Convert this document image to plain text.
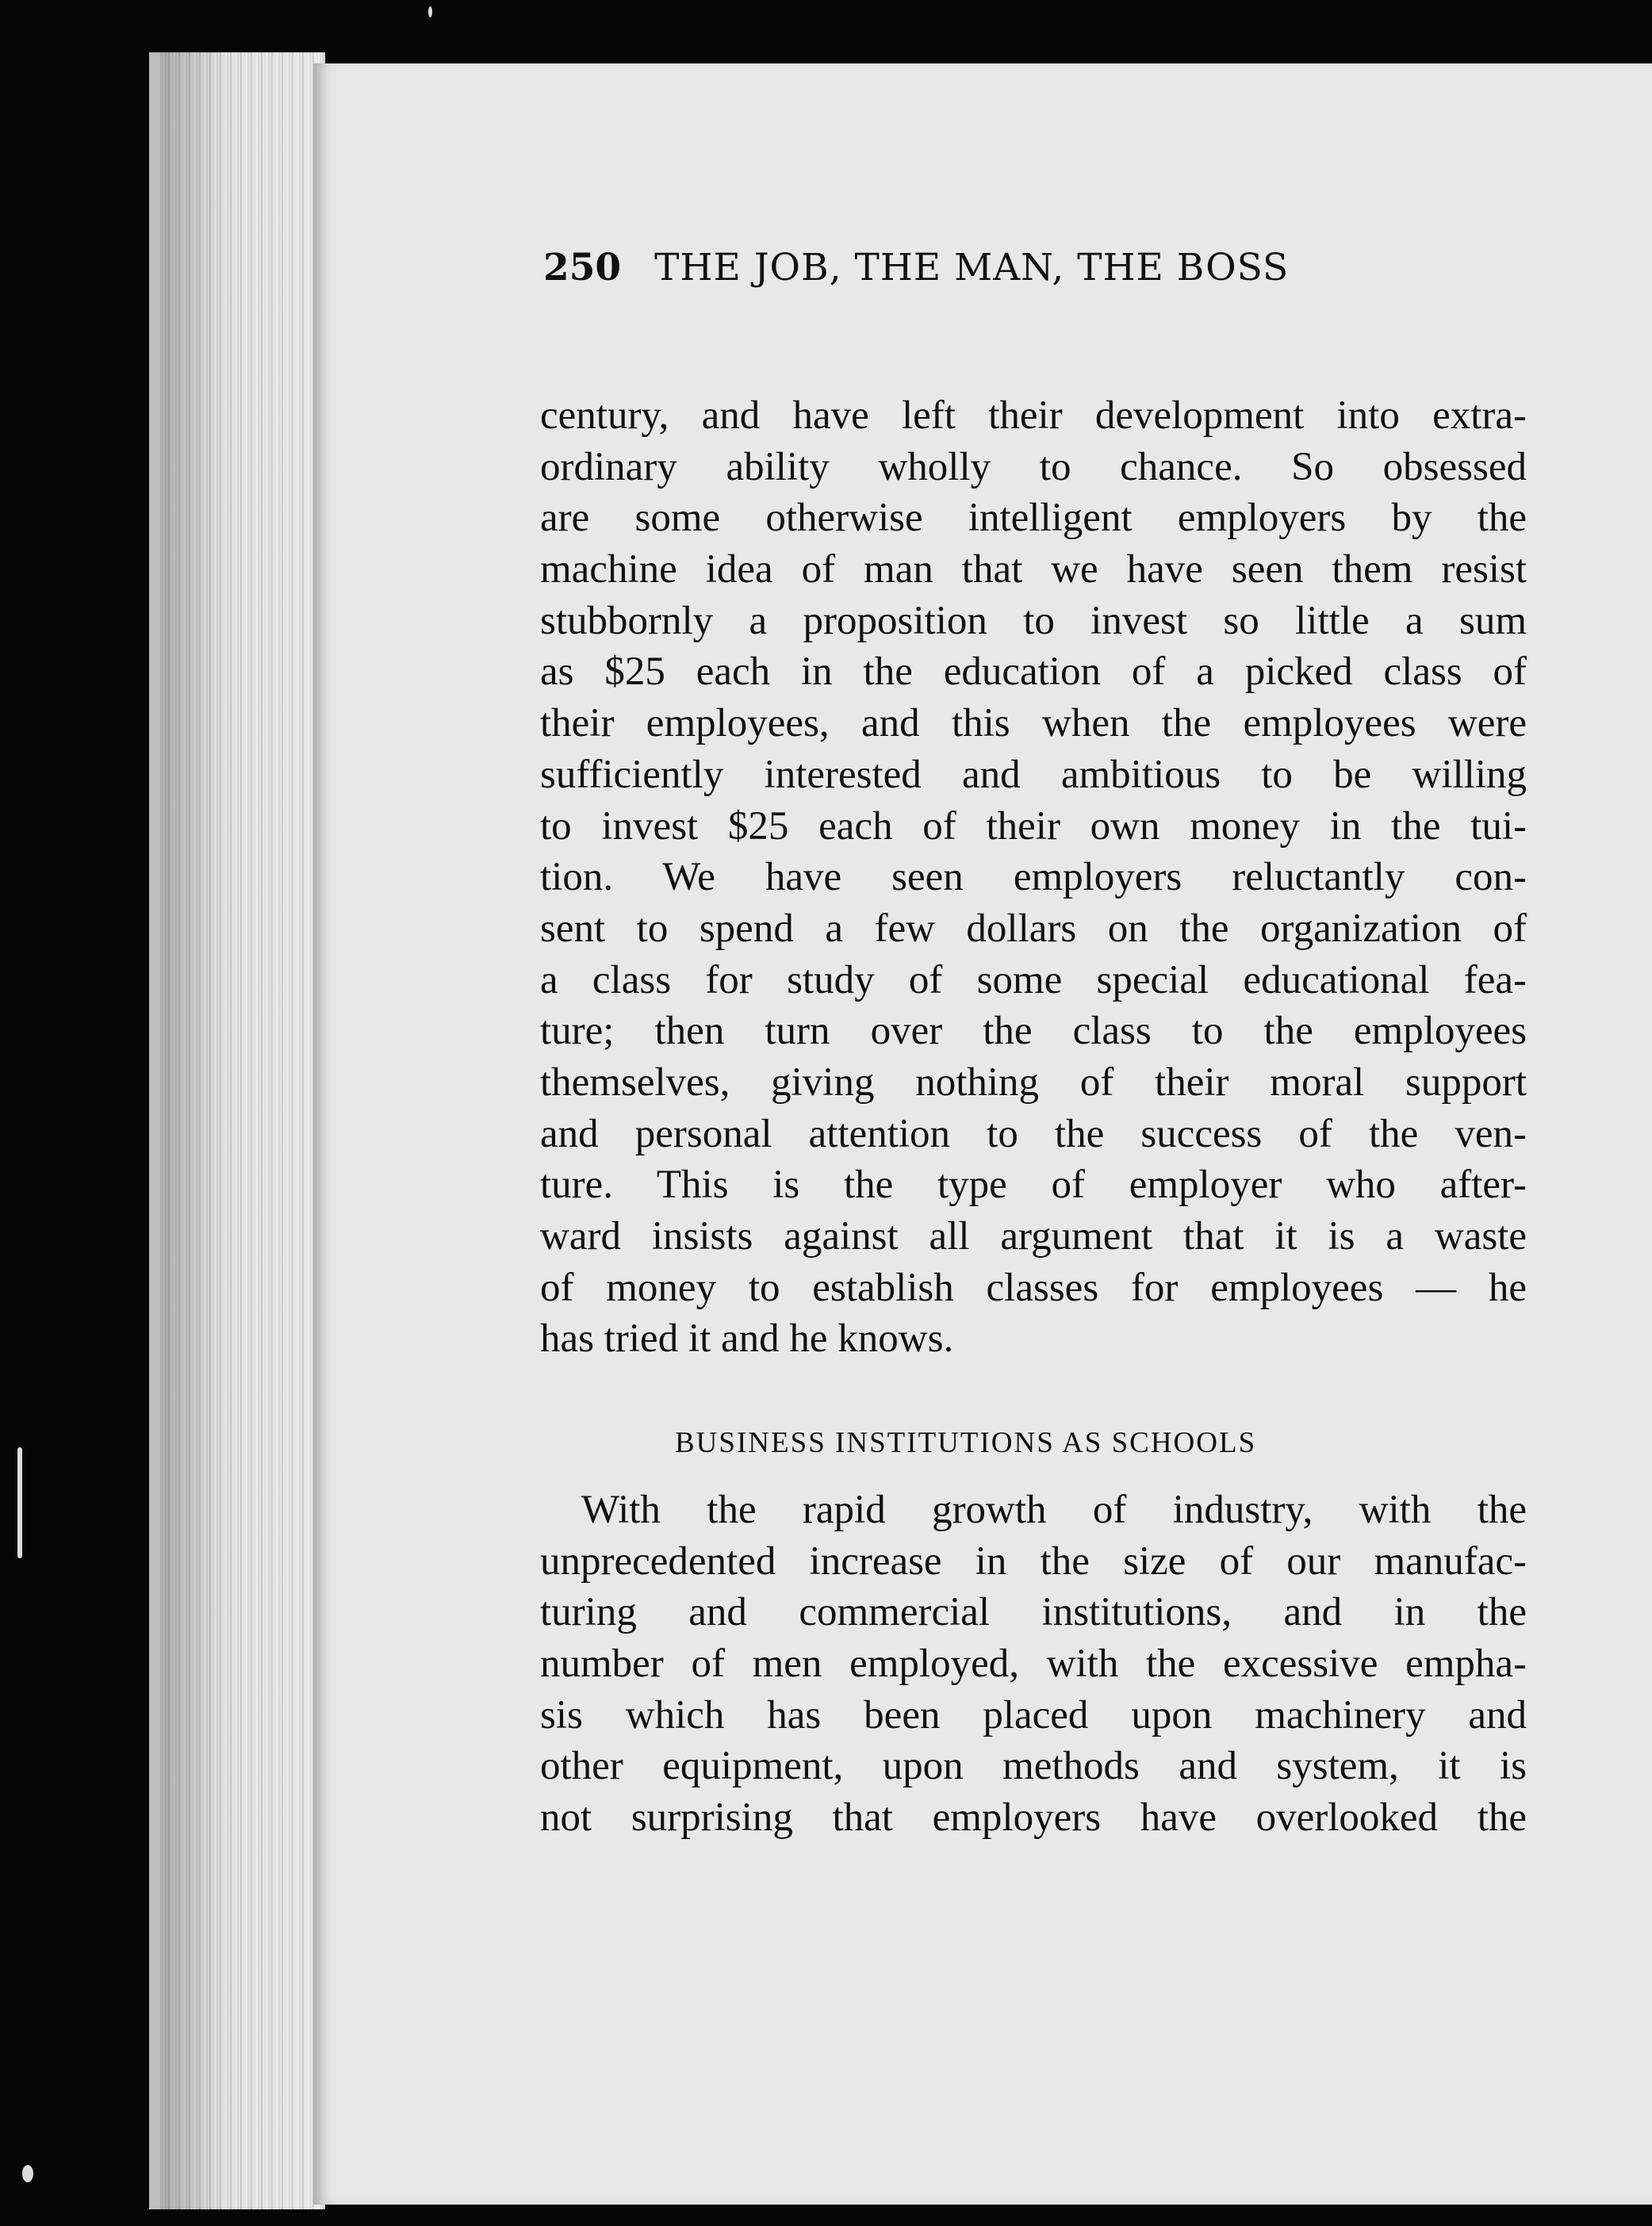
250 THE JOB, THE MAN, THE BOSS
century, and have left their development into extra-
ordinary ability wholly to chance. So obsessed
are some otherwise intelligent employers by the
machine idea of man that we have seen them resist
stubbornly a proposition to invest so little a sum
as $25 each in the education of a picked class of
their employees, and this when the employees were
sufficiently interested and ambitious to be willing
to invest $25 each of their own money in the tui-
tion. We have seen employers reluctantly con-
sent to spend a few dollars on the organization of
a class for study of some special educational fea-
ture; then turn over the class to the employees
themselves, giving nothing of their moral support
and personal attention to the success of the ven-
ture. This is the type of employer who after-
ward insists against all argument that it is a waste
of money to establish classes for employees — he
has tried it and he knows.
BUSINESS INSTITUTIONS AS SCHOOLS
With the rapid growth of industry, with the
unprecedented increase in the size of our manufac-
turing and commercial institutions, and in the
number of men employed, with the excessive empha-
sis which has been placed upon machinery and
other equipment, upon methods and system, it is
not surprising that employers have overlooked the
